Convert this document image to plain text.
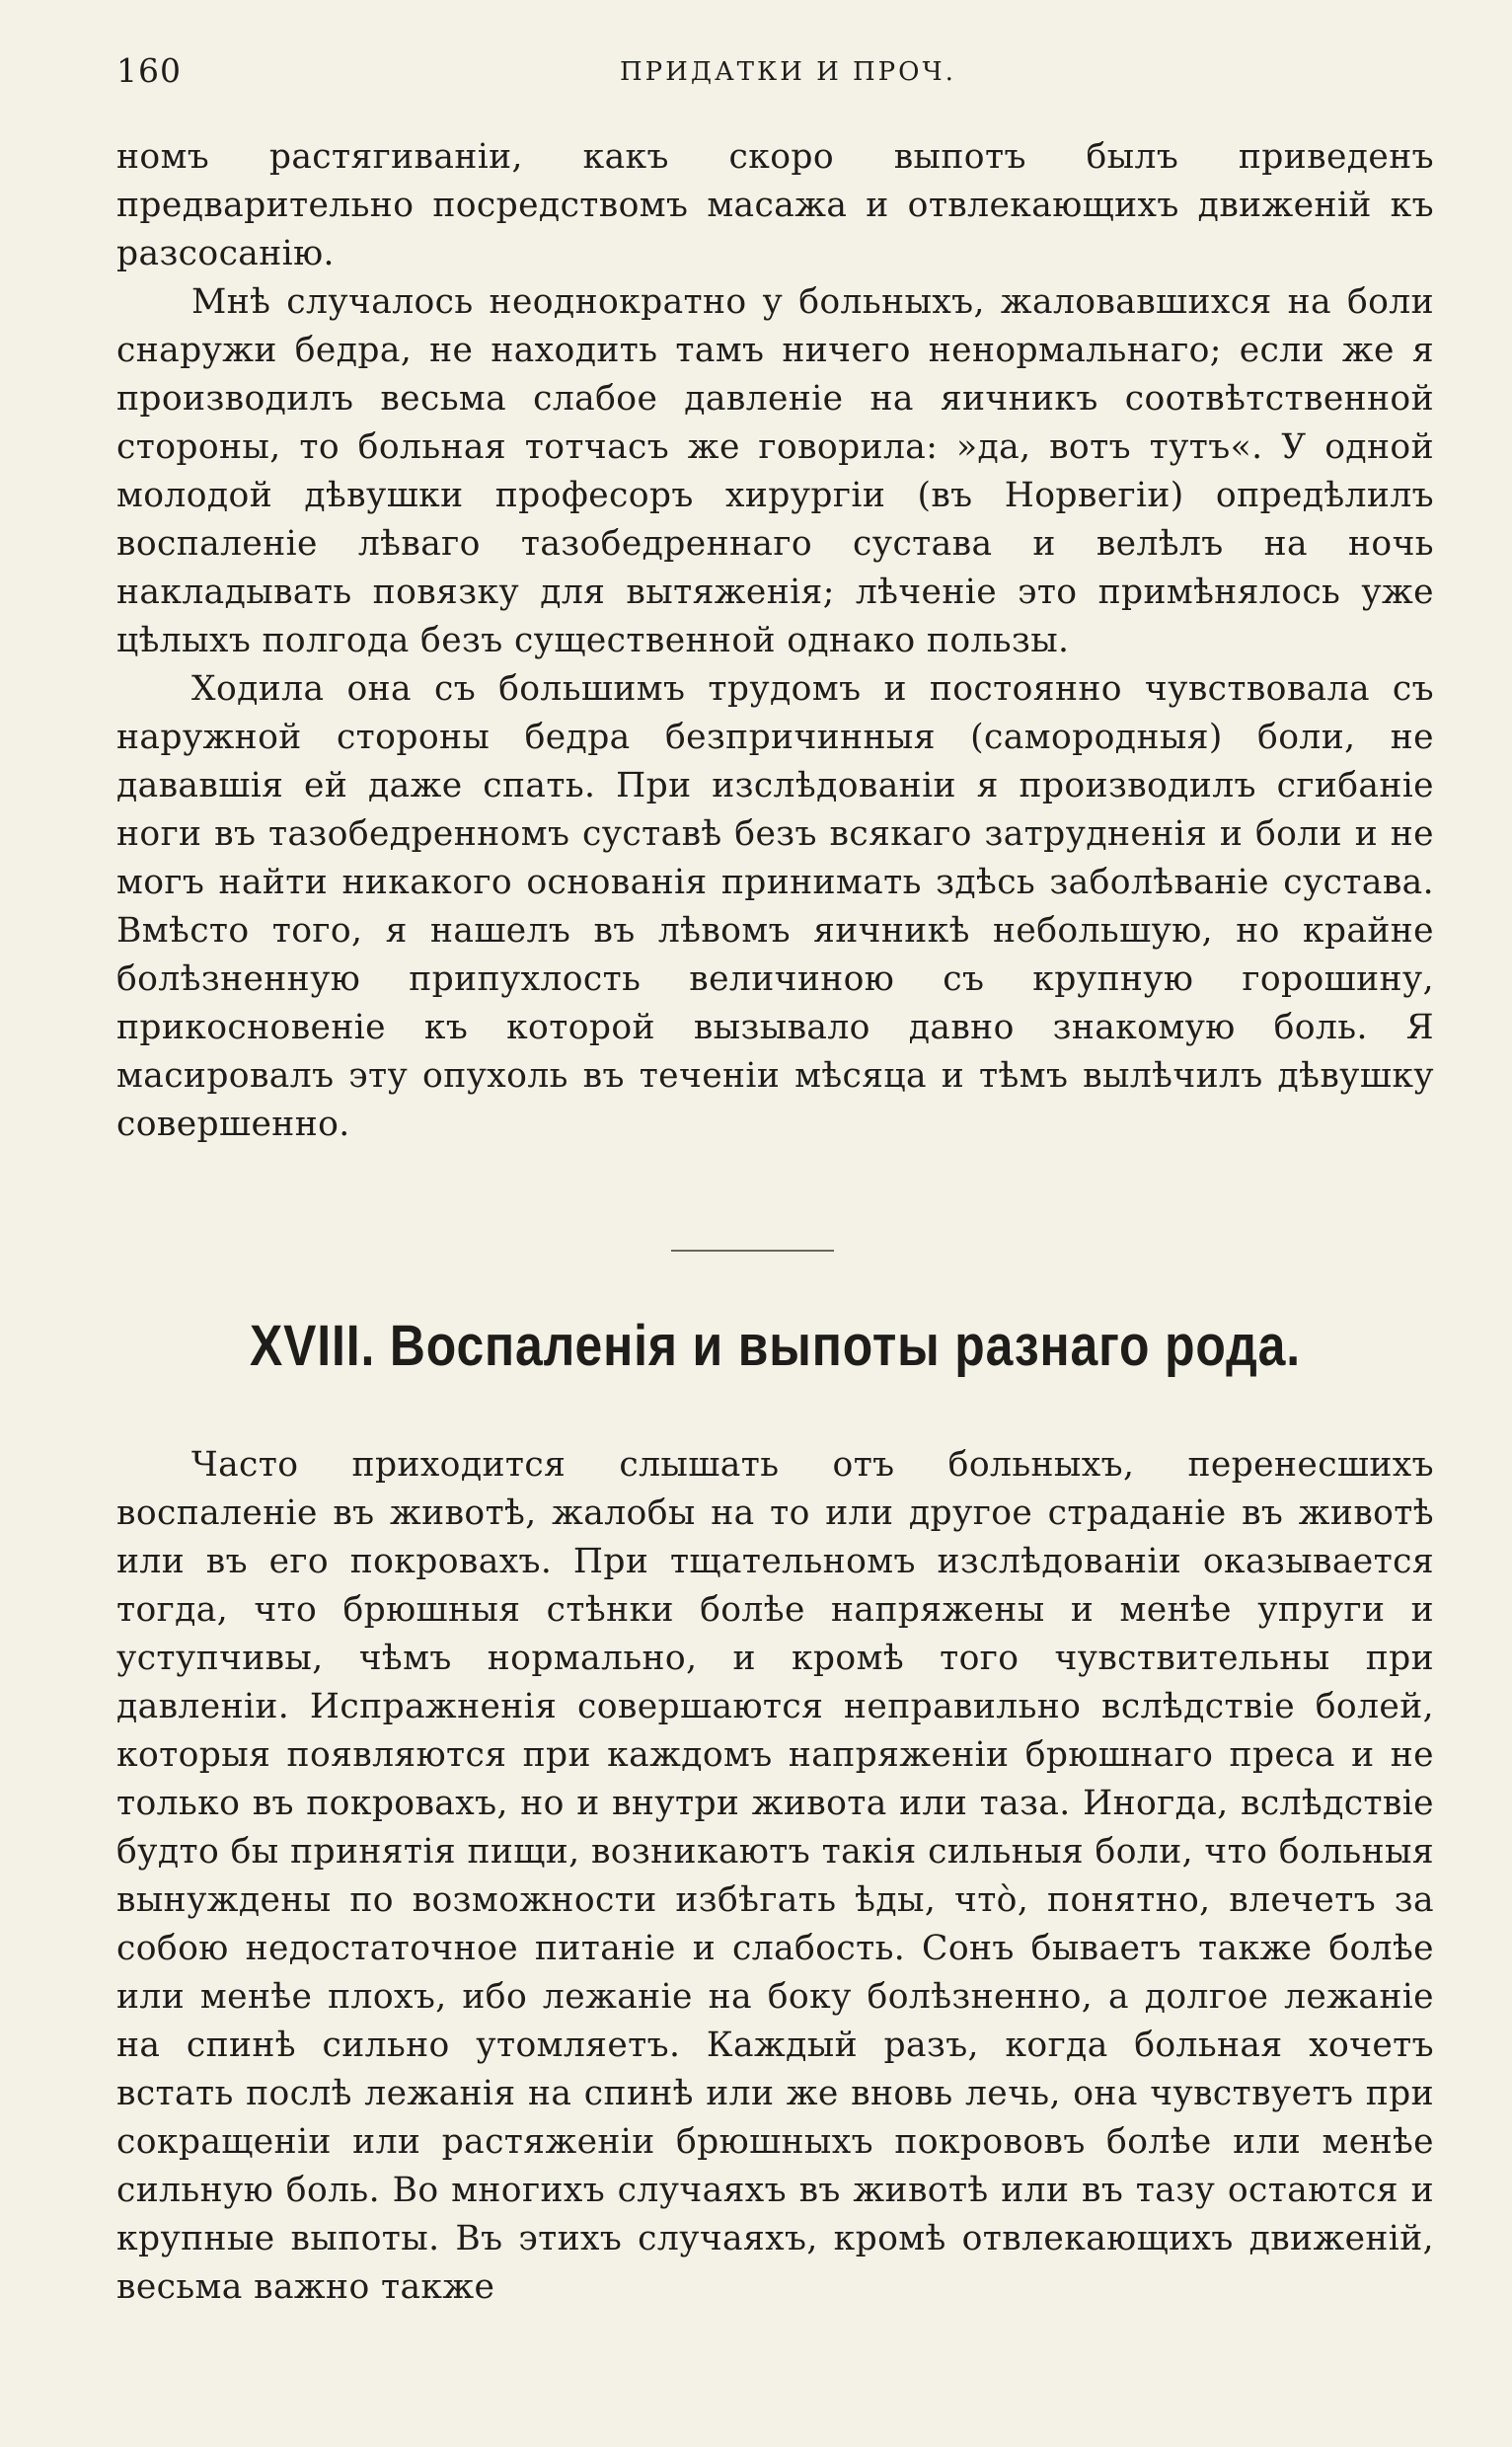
160	ПРИДАТКИ И ПРОЧ.

номъ растягиваніи, какъ скоро выпотъ былъ приведенъ предварительно посредствомъ масажа и отвлекающихъ движеній къ разсосанію.

Мнѣ случалось неоднократно у больныхъ, жаловавшихся на боли снаружи бедра, не находить тамъ ничего ненормальнаго; если же я производилъ весьма слабое давленіе на яичникъ соотвѣтственной стороны, то больная тотчасъ же говорила: »да, вотъ тутъ«. У одной молодой дѣвушки професоръ хирургіи (въ Норвегіи) опредѣлилъ воспаленіе лѣваго тазобедреннаго сустава и велѣлъ на ночь накладывать повязку для вытяженія; лѣченіе это примѣнялось уже цѣлыхъ полгода безъ существенной однако пользы.

Ходила она съ большимъ трудомъ и постоянно чувствовала съ наружной стороны бедра безпричинныя (самородныя) боли, не дававшія ей даже спать. При изслѣдованіи я производилъ сгибаніе ноги въ тазобедренномъ суставѣ безъ всякаго затрудненія и боли и не могъ найти никакого основанія принимать здѣсь заболѣваніе сустава. Вмѣсто того, я нашелъ въ лѣвомъ яичникѣ небольшую, но крайне болѣзненную припухлость величиною съ крупную горошину, прикосновеніе къ которой вызывало давно знакомую боль. Я масировалъ эту опухоль въ теченіи мѣсяца и тѣмъ вылѣчилъ дѣвушку совершенно.

XVIII. Воспаленія и выпоты разнаго рода.

Часто приходится слышать отъ больныхъ, перенесшихъ воспаленіе въ животѣ, жалобы на то или другое страданіе въ животѣ или въ его покровахъ. При тщательномъ изслѣдованіи оказывается тогда, что брюшныя стѣнки болѣе напряжены и менѣе упруги и уступчивы, чѣмъ нормально, и кромѣ того чувствительны при давленіи. Испражненія совершаются неправильно вслѣдствіе болей, которыя появляются при каждомъ напряженіи брюшнаго преса и не только въ покровахъ, но и внутри живота или таза. Иногда, вслѣдствіе будто бы принятія пищи, возникаютъ такія сильныя боли, что больныя вынуждены по возможности избѣгать ѣды, что̀, понятно, влечетъ за собою недостаточное питаніе и слабость. Сонъ бываетъ также болѣе или менѣе плохъ, ибо лежаніе на боку болѣзненно, а долгое лежаніе на спинѣ сильно утомляетъ. Каждый разъ, когда больная хочетъ встать послѣ лежанія на спинѣ или же вновь лечь, она чувствуетъ при сокращеніи или растяженіи брюшныхъ покрововъ болѣе или менѣе сильную боль. Во многихъ случаяхъ въ животѣ или въ тазу остаются и крупные выпоты. Въ этихъ случаяхъ, кромѣ отвлекающихъ движеній, весьма важно также
